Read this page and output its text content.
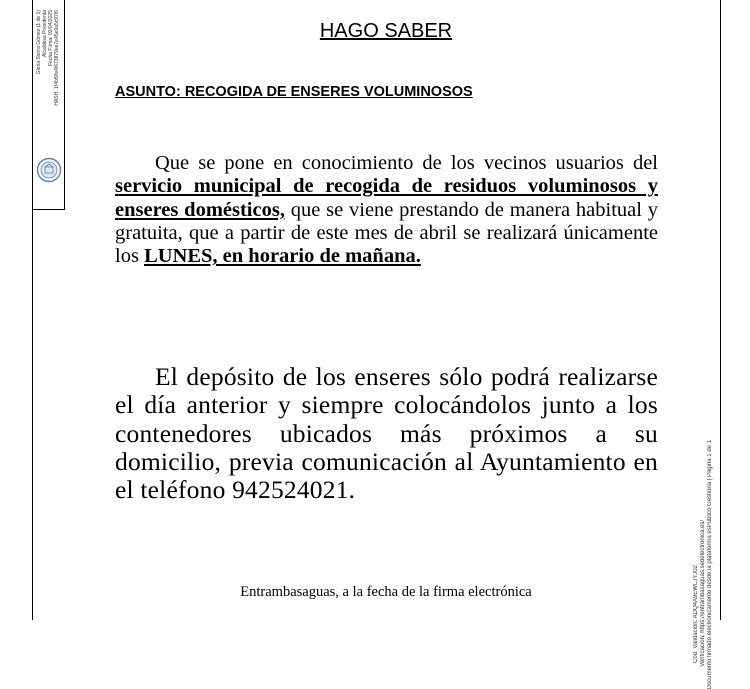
Gloria Sierra Gómez (1 de 1) Alcaldesa Presidenta Fecha Firma: 02/04/2025 HASH: 1f4bf9fe4f673879ee7e45e9a5c97f6
Cód. Validación: ADQ4A9EWLJYJ02 Verificación: https://entrambasaguas.sedelectronica.es/ Documento firmado electrónicamente desde la plataforma esPublico Gestiona | Página 1 de 1
HAGO SABER
ASUNTO: RECOGIDA DE ENSERES VOLUMINOSOS
Que se pone en conocimiento de los vecinos usuarios del servicio municipal de recogida de residuos voluminosos y enseres domésticos, que se viene prestando de manera habitual y gratuita, que a partir de este mes de abril se realizará únicamente los LUNES, en horario de mañana.
El depósito de los enseres sólo podrá realizarse el día anterior y siempre colocándolos junto a los contenedores ubicados más próximos a su domicilio, previa comunicación al Ayuntamiento en el teléfono 942524021.
Entrambasaguas, a la fecha de la firma electrónica
